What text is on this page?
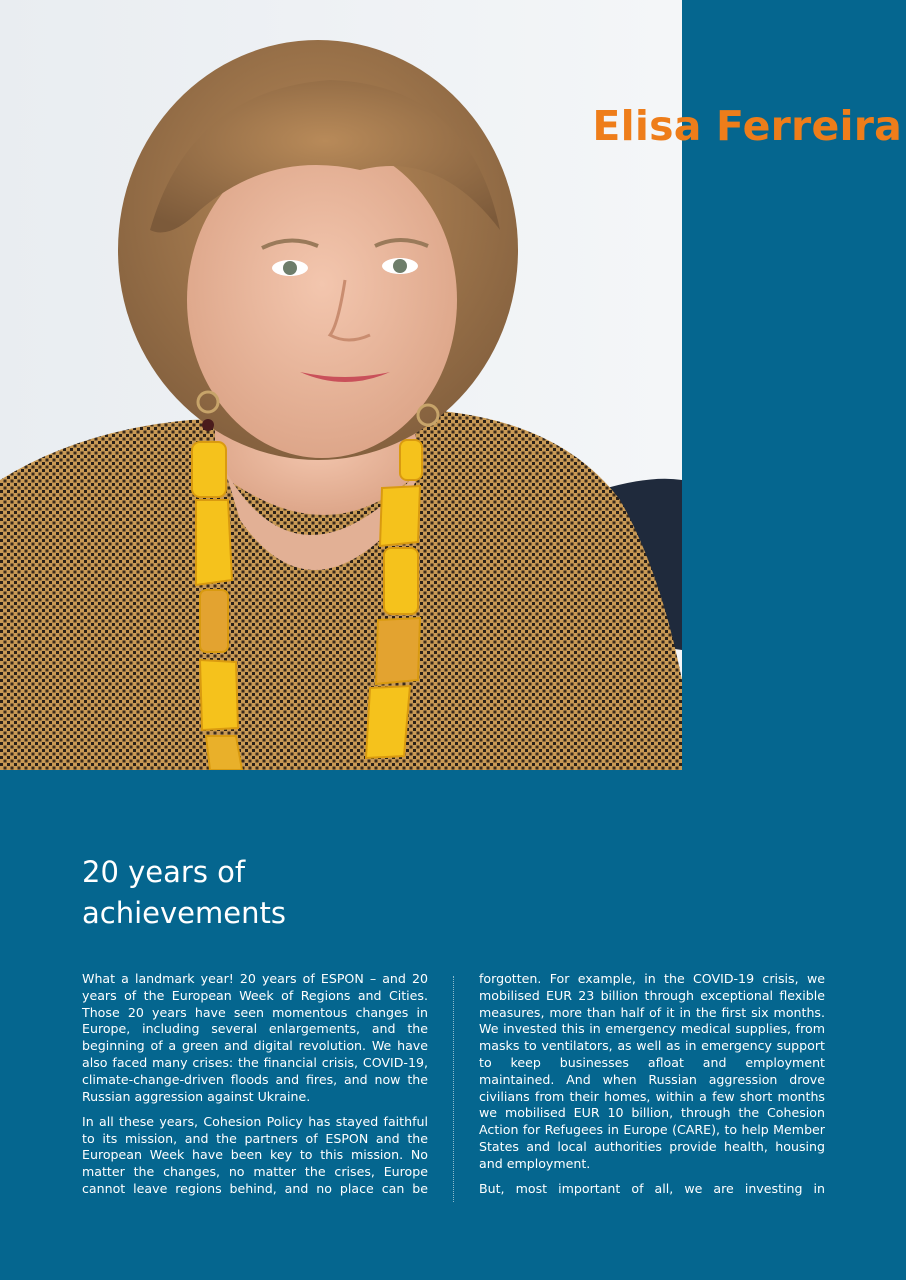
Elisa Ferreira
20 years of achievements

What a landmark year! 20 years of ESPON – and 20 years of the European Week of Regions and Cities. Those 20 years have seen momentous changes in Europe, including several enlargements, and the beginning of a green and digital revolution. We have also faced many crises: the financial crisis, COVID-19, climate-change-driven floods and fires, and now the Russian aggression against Ukraine.

In all these years, Cohesion Policy has stayed faithful to its mission, and the partners of ESPON and the European Week have been key to this mission. No matter the changes, no matter the crises, Europe cannot leave regions behind, and no place can be

forgotten. For example, in the COVID-19 crisis, we mobilised EUR 23 billion through exceptional flexible measures, more than half of it in the first six months. We invested this in emergency medical supplies, from masks to ventilators, as well as in emergency support to keep businesses afloat and employment maintained. And when Russian aggression drove civilians from their homes, within a few short months we mobilised EUR 10 billion, through the Cohesion Action for Refugees in Europe (CARE), to help Member States and local authorities provide health, housing and employment.

But, most important of all, we are investing in
